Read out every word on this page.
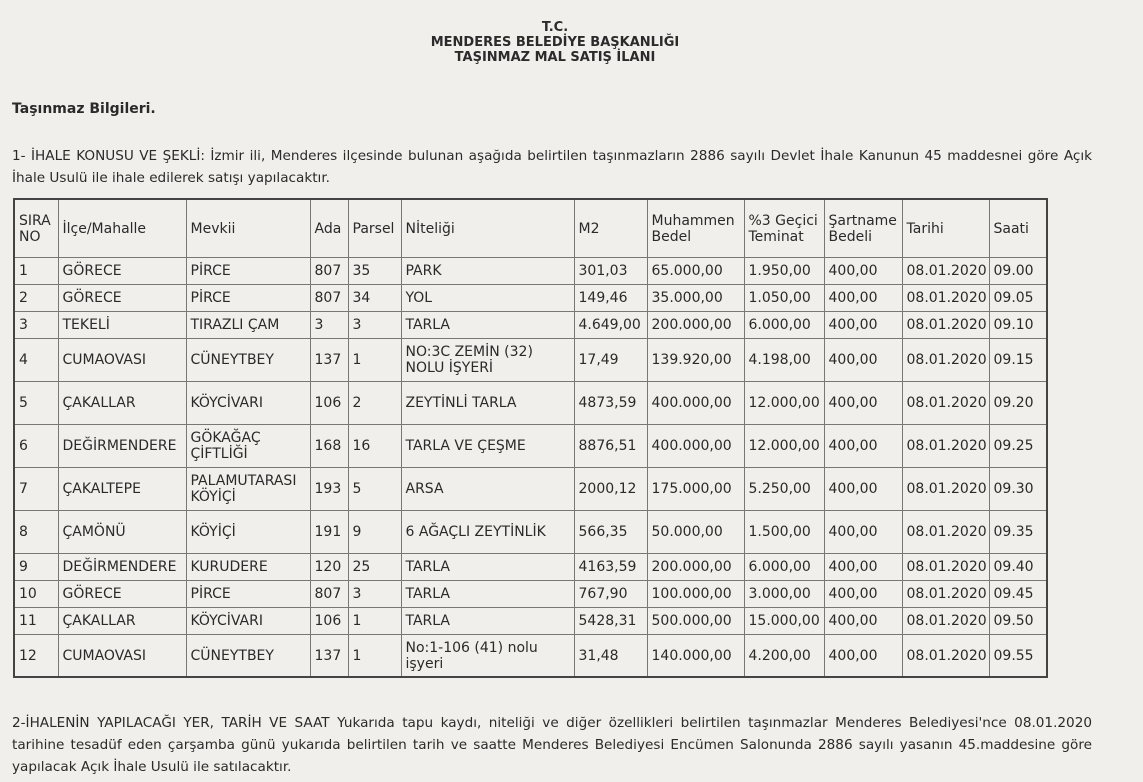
T.C.
MENDERES BELEDİYE BAŞKANLIĞI
TAŞINMAZ MAL SATIŞ İLANI
Taşınmaz Bilgileri.
1- İHALE KONUSU VE ŞEKLİ: İzmir ili, Menderes ilçesinde bulunan aşağıda belirtilen taşınmazların 2886 sayılı Devlet İhale Kanunun 45 maddesnei göre Açık İhale Usulü ile ihale edilerek satışı yapılacaktır.
SIRA NO	İlçe/Mahalle	Mevkii	Ada	Parsel	Nİteliği	M2	Muhammen Bedel	%3 Geçici Teminat	Şartname Bedeli	Tarihi	Saati
1	GÖRECE	PİRCE	807	35	PARK	301,03	65.000,00	1.950,00	400,00	08.01.2020	09.00
2	GÖRECE	PİRCE	807	34	YOL	149,46	35.000,00	1.050,00	400,00	08.01.2020	09.05
3	TEKELİ	TIRAZLI ÇAM	3	3	TARLA	4.649,00	200.000,00	6.000,00	400,00	08.01.2020	09.10
4	CUMAOVASI	CÜNEYTBEY	137	1	NO:3C ZEMİN (32) NOLU İŞYERİ	17,49	139.920,00	4.198,00	400,00	08.01.2020	09.15
5	ÇAKALLAR	KÖYCİVARI	106	2	ZEYTİNLİ TARLA	4873,59	400.000,00	12.000,00	400,00	08.01.2020	09.20
6	DEĞİRMENDERE	GÖKAĞAÇ ÇİFTLİĞİ	168	16	TARLA VE ÇEŞME	8876,51	400.000,00	12.000,00	400,00	08.01.2020	09.25
7	ÇAKALTEPE	PALAMUTARASI KÖYİÇİ	193	5	ARSA	2000,12	175.000,00	5.250,00	400,00	08.01.2020	09.30
8	ÇAMÖNÜ	KÖYİÇİ	191	9	6 AĞAÇLI ZEYTİNLİK	566,35	50.000,00	1.500,00	400,00	08.01.2020	09.35
9	DEĞİRMENDERE	KURUDERE	120	25	TARLA	4163,59	200.000,00	6.000,00	400,00	08.01.2020	09.40
10	GÖRECE	PİRCE	807	3	TARLA	767,90	100.000,00	3.000,00	400,00	08.01.2020	09.45
11	ÇAKALLAR	KÖYCİVARI	106	1	TARLA	5428,31	500.000,00	15.000,00	400,00	08.01.2020	09.50
12	CUMAOVASI	CÜNEYTBEY	137	1	No:1-106 (41) nolu işyeri	31,48	140.000,00	4.200,00	400,00	08.01.2020	09.55
2-İHALENİN YAPILACAĞI YER, TARİH VE SAAT Yukarıda tapu kaydı, niteliği ve diğer özellikleri belirtilen taşınmazlar Menderes Belediyesi'nce 08.01.2020 tarihine tesadüf eden çarşamba günü yukarıda belirtilen tarih ve saatte Menderes Belediyesi Encümen Salonunda 2886 sayılı yasanın 45.maddesine göre yapılacak Açık İhale Usulü ile satılacaktır.
